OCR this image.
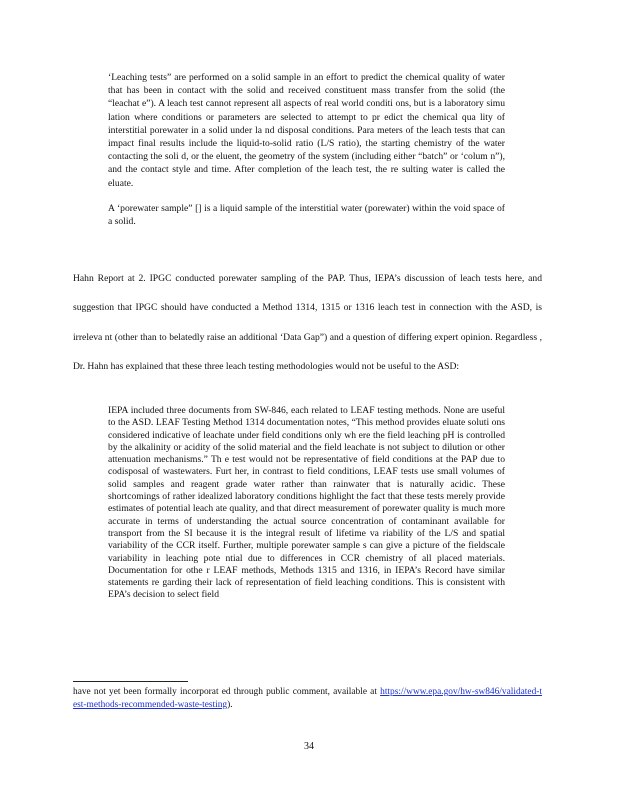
‘Leaching tests” are performed on a solid sample in an effort to predict the chemical quality of water that has been in contact with the solid and received constituent mass transfer from the solid (the “leachat e”). A leach test cannot represent all aspects of real world conditi ons, but is a laboratory simu lation where conditions or parameters are selected to attempt to pr edict the chemical qua lity of interstitial porewater in a solid under la nd disposal conditions. Para meters of the leach tests that can impact final results include the liquid-to-solid ratio (L/S ratio), the starting chemistry of the water contacting the soli d, or the eluent, the geometry of the system (including either “batch” or ‘colum n”), and the contact style and time. After completion of the leach test, the re sulting water is called the eluate.

A ‘porewater sample” [] is a liquid sample of the interstitial water (porewater) within the void space of a solid.

Hahn Report at 2. IPGC conducted porewater sampling of the PAP. Thus, IEPA’s discussion of leach tests here, and suggestion that IPGC should have conducted a Method 1314, 1315 or 1316 leach test in connection with the ASD, is irreleva nt (other than to belatedly raise an additional ‘Data Gap”) and a question of differing expert opinion. Regardless , Dr. Hahn has explained that these three leach testing methodologies would not be useful to the ASD:

IEPA included three documents from SW-846, each related to LEAF testing methods. None are useful to the ASD. LEAF Testing Method 1314 documentation notes, “This method provides eluate soluti ons considered indicative of leachate under field conditions only wh ere the field leaching pH is controlled by the alkalinity or acidity of the solid material and the field leachate is not subject to dilution or other attenuation mechanisms.” Th e test would not be representative of field conditions at the PAP due to codisposal of wastewaters. Furt her, in contrast to field conditions, LEAF tests use small volumes of solid samples and reagent grade water rather than rainwater that is naturally acidic. These shortcomings of rather idealized laboratory conditions highlight the fact that these tests merely provide estimates of potential leach ate quality, and that direct measurement of porewater quality is much more accurate in terms of understanding the actual source concentration of contaminant available for transport from the SI because it is the integral result of lifetime va riability of the L/S and spatial variability of the CCR itself. Further, multiple porewater sample s can give a picture of the fieldscale variability in leaching pote ntial due to differences in CCR chemistry of all placed materials. Documentation for othe r LEAF methods, Methods 1315 and 1316, in IEPA’s Record have similar statements re garding their lack of representation of field leaching conditions. This is consistent with EPA’s decision to select field

have not yet been formally incorporat ed through public comment, available at https://www.epa.gov/hw-sw846/validated-t est-methods-recommended-waste-testing).
34
